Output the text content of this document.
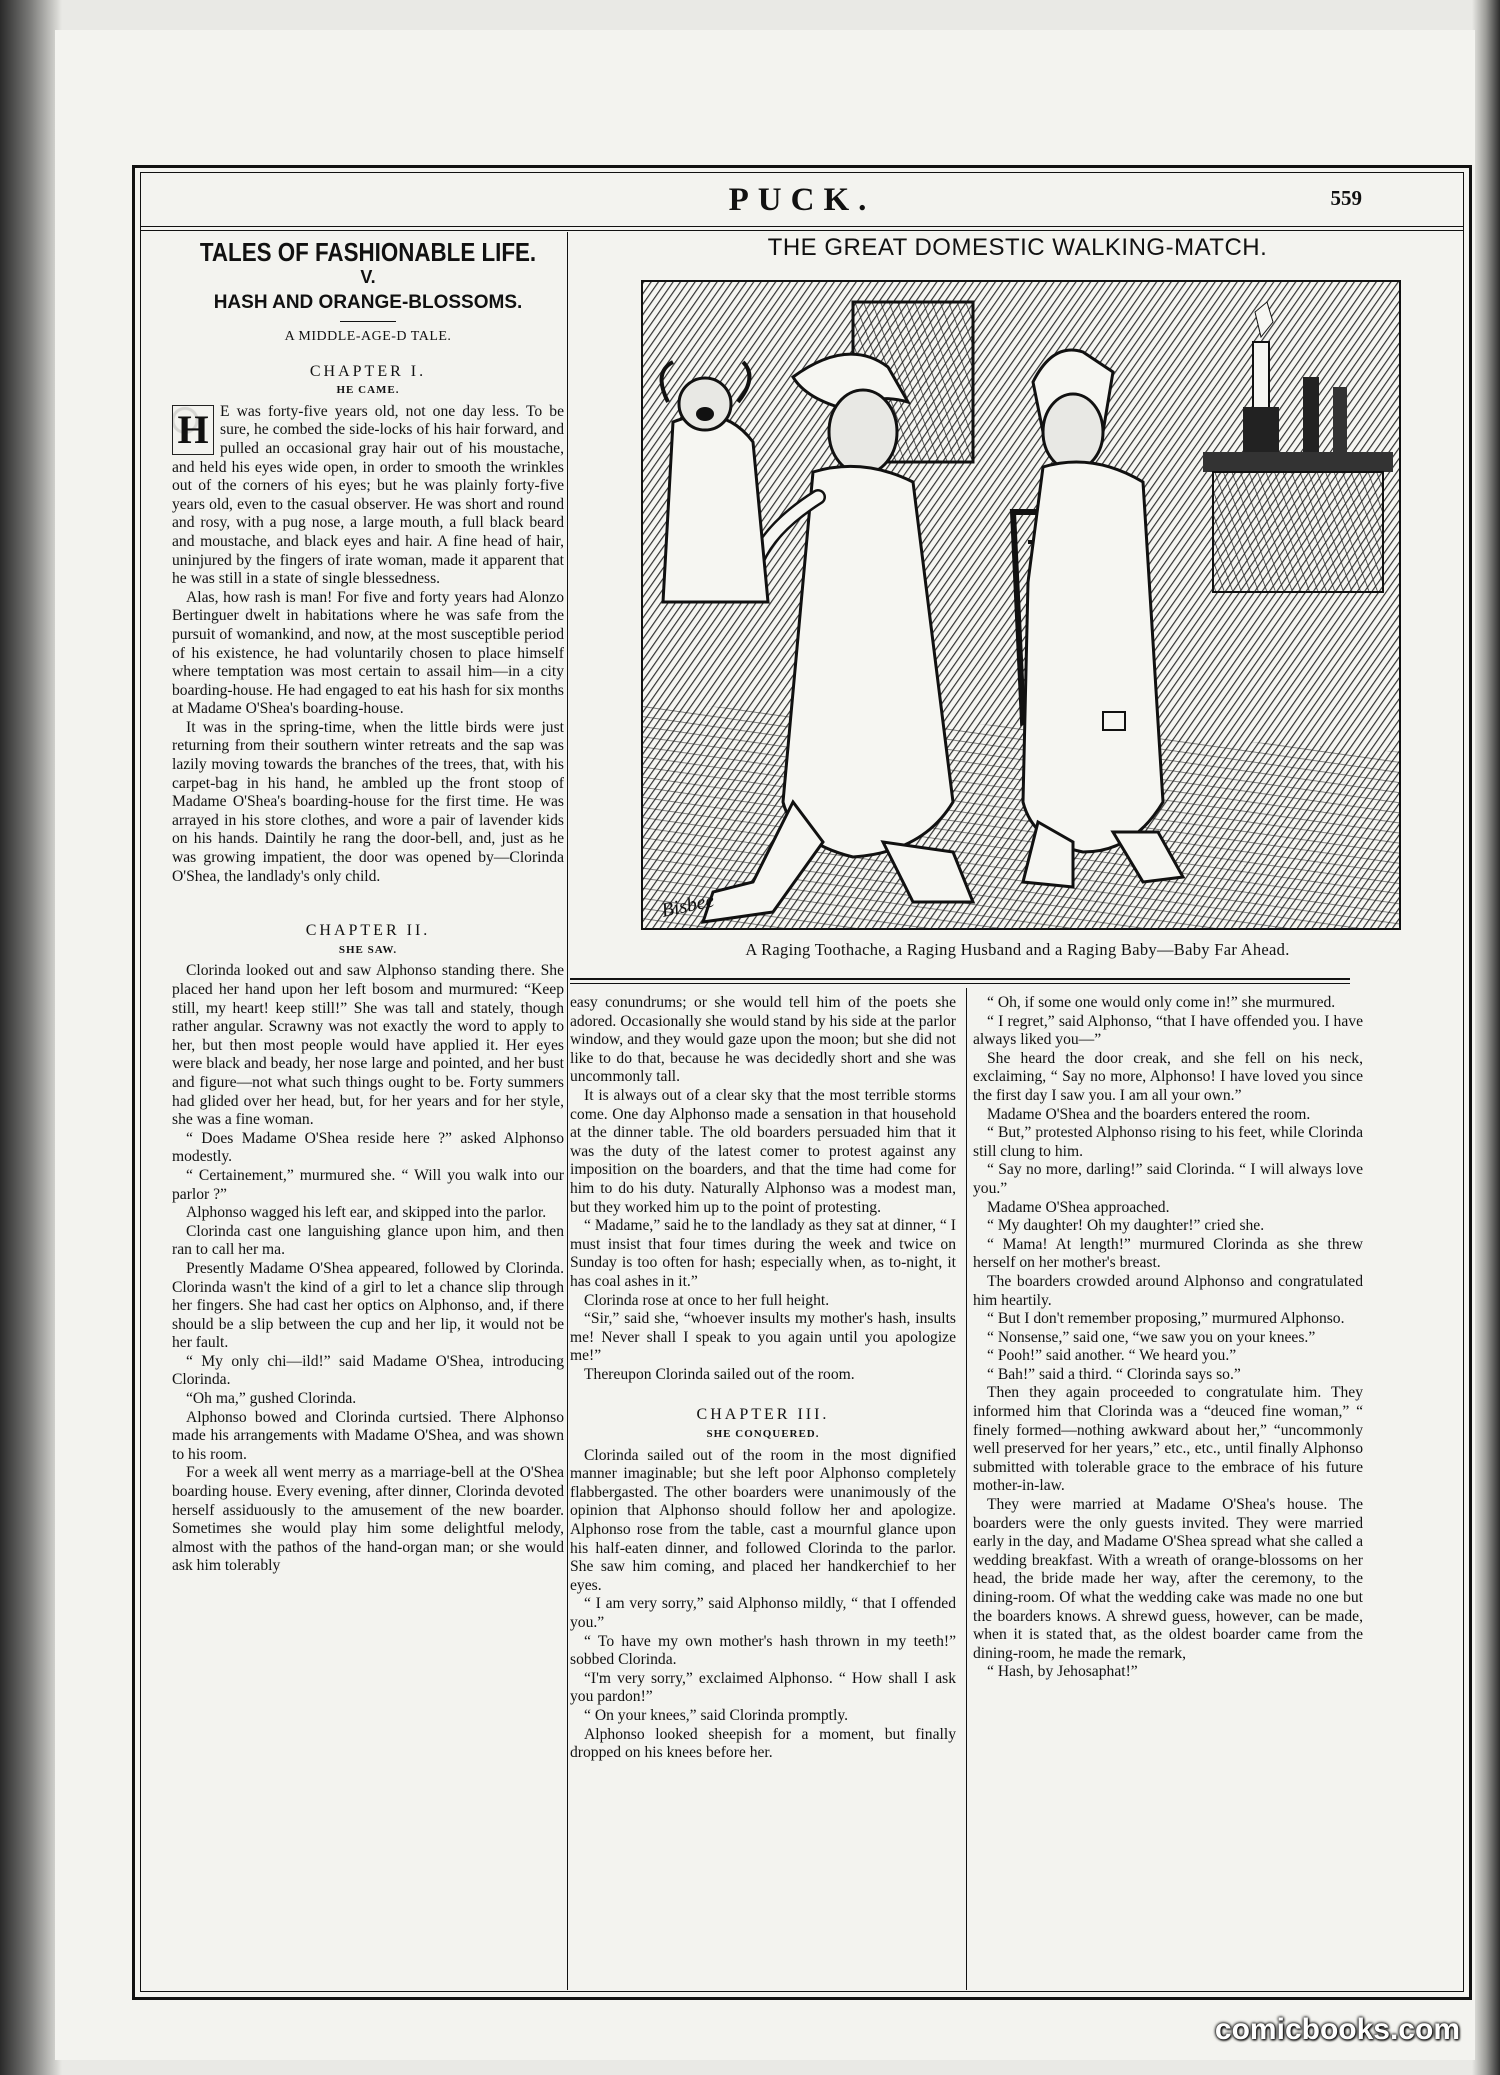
PUCK.	559
TALES OF FASHIONABLE LIFE.
V.
HASH AND ORANGE-BLOSSOMS.
A MIDDLE-AGE-D TALE.
CHAPTER I.
HE CAME.

H E was forty-five years old, not one day less. To be sure, he combed the side-locks of his hair forward, and pulled an occasional gray hair out of his moustache, and held his eyes wide open, in order to smooth the wrinkles out of the corners of his eyes; but he was plainly forty-five years old, even to the casual observer. He was short and round and rosy, with a pug nose, a large mouth, a full black beard and moustache, and black eyes and hair. A fine head of hair, uninjured by the fingers of irate woman, made it apparent that he was still in a state of single blessedness.

Alas, how rash is man! For five and forty years had Alonzo Bertinguer dwelt in habitations where he was safe from the pursuit of womankind, and now, at the most susceptible period of his existence, he had voluntarily chosen to place himself where temptation was most certain to assail him—in a city boarding-house. He had engaged to eat his hash for six months at Madame O'Shea's boarding-house.

It was in the spring-time, when the little birds were just returning from their southern winter retreats and the sap was lazily moving towards the branches of the trees, that, with his carpet-bag in his hand, he ambled up the front stoop of Madame O'Shea's boarding-house for the first time. He was arrayed in his store clothes, and wore a pair of lavender kids on his hands. Daintily he rang the door-bell, and, just as he was growing impatient, the door was opened by—Clorinda O'Shea, the landlady's only child.

CHAPTER II.
SHE SAW.

Clorinda looked out and saw Alphonso standing there. She placed her hand upon her left bosom and murmured: “Keep still, my heart! keep still!” She was tall and stately, though rather angular. Scrawny was not exactly the word to apply to her, but then most people would have applied it. Her eyes were black and beady, her nose large and pointed, and her bust and figure—not what such things ought to be. Forty summers had glided over her head, but, for her years and for her style, she was a fine woman.

“ Does Madame O'Shea reside here ?” asked Alphonso modestly.

“ Certainement,” murmured she. “ Will you walk into our parlor ?”

Alphonso wagged his left ear, and skipped into the parlor.

Clorinda cast one languishing glance upon him, and then ran to call her ma.

Presently Madame O'Shea appeared, followed by Clorinda. Clorinda wasn't the kind of a girl to let a chance slip through her fingers. She had cast her optics on Alphonso, and, if there should be a slip between the cup and her lip, it would not be her fault.

“ My only chi—ild!” said Madame O'Shea, introducing Clorinda.

“Oh ma,” gushed Clorinda.

Alphonso bowed and Clorinda curtsied. There Alphonso made his arrangements with Madame O'Shea, and was shown to his room.

For a week all went merry as a marriage-bell at the O'Shea boarding house. Every evening, after dinner, Clorinda devoted herself assiduously to the amusement of the new boarder. Sometimes she would play him some delightful melody, almost with the pathos of the hand-organ man; or she would ask him tolerably

THE GREAT DOMESTIC WALKING-MATCH.
Bisbee
A Raging Toothache, a Raging Husband and a Raging Baby—Baby Far Ahead.

easy conundrums; or she would tell him of the poets she adored. Occasionally she would stand by his side at the parlor window, and they would gaze upon the moon; but she did not like to do that, because he was decidedly short and she was uncommonly tall.

It is always out of a clear sky that the most terrible storms come. One day Alphonso made a sensation in that household at the dinner table. The old boarders persuaded him that it was the duty of the latest comer to protest against any imposition on the boarders, and that the time had come for him to do his duty. Naturally Alphonso was a modest man, but they worked him up to the point of protesting.

“ Madame,” said he to the landlady as they sat at dinner, “ I must insist that four times during the week and twice on Sunday is too often for hash; especially when, as to-night, it has coal ashes in it.”

Clorinda rose at once to her full height.

“Sir,” said she, “whoever insults my mother's hash, insults me! Never shall I speak to you again until you apologize me!”

Thereupon Clorinda sailed out of the room.

CHAPTER III.
SHE CONQUERED.

Clorinda sailed out of the room in the most dignified manner imaginable; but she left poor Alphonso completely flabbergasted. The other boarders were unanimously of the opinion that Alphonso should follow her and apologize. Alphonso rose from the table, cast a mournful glance upon his half-eaten dinner, and followed Clorinda to the parlor. She saw him coming, and placed her handkerchief to her eyes.

“ I am very sorry,” said Alphonso mildly, “ that I offended you.”

“ To have my own mother's hash thrown in my teeth!” sobbed Clorinda.

“I'm very sorry,” exclaimed Alphonso. “ How shall I ask you pardon!”

“ On your knees,” said Clorinda promptly.

Alphonso looked sheepish for a moment, but finally dropped on his knees before her.

“ Oh, if some one would only come in!” she murmured.

“ I regret,” said Alphonso, “that I have offended you. I have always liked you—”

She heard the door creak, and she fell on his neck, exclaiming, “ Say no more, Alphonso! I have loved you since the first day I saw you. I am all your own.”

Madame O'Shea and the boarders entered the room.

“ But,” protested Alphonso rising to his feet, while Clorinda still clung to him.

“ Say no more, darling!” said Clorinda. “ I will always love you.”

Madame O'Shea approached.

“ My daughter! Oh my daughter!” cried she.

“ Mama! At length!” murmured Clorinda as she threw herself on her mother's breast.

The boarders crowded around Alphonso and congratulated him heartily.

“ But I don't remember proposing,” murmured Alphonso.

“ Nonsense,” said one, “we saw you on your knees.”

“ Pooh!” said another. “ We heard you.”

“ Bah!” said a third. “ Clorinda says so.”

Then they again proceeded to congratulate him. They informed him that Clorinda was a “deuced fine woman,” “ finely formed—nothing awkward about her,” “uncommonly well preserved for her years,” etc., etc., until finally Alphonso submitted with tolerable grace to the embrace of his future mother-in-law.

They were married at Madame O'Shea's house. The boarders were the only guests invited. They were married early in the day, and Madame O'Shea spread what she called a wedding breakfast. With a wreath of orange-blossoms on her head, the bride made her way, after the ceremony, to the dining-room. Of what the wedding cake was made no one but the boarders knows. A shrewd guess, however, can be made, when it is stated that, as the oldest boarder came from the dining-room, he made the remark,

“ Hash, by Jehosaphat!”

comicbooks.com
